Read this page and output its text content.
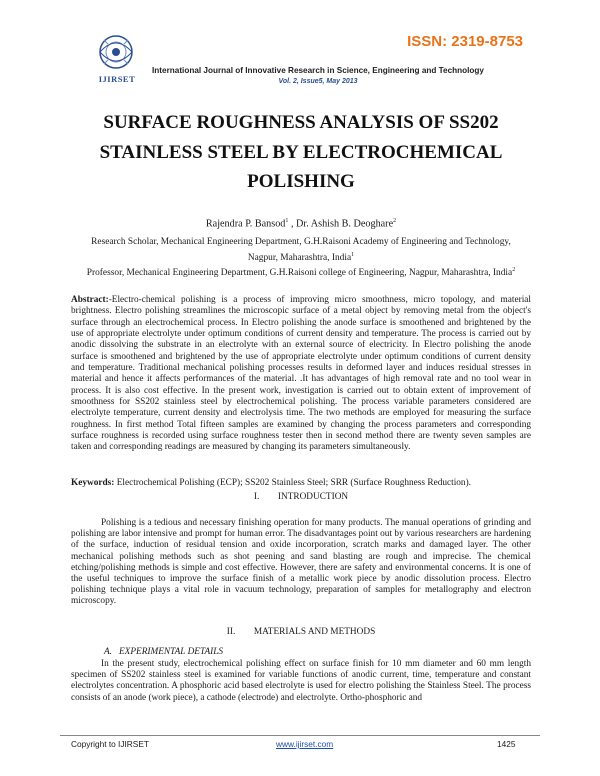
IJIRSET
ISSN: 2319-8753
International Journal of Innovative Research in Science, Engineering and Technology
Vol. 2, Issue5, May 2013
SURFACE ROUGHNESS ANALYSIS OF SS202 STAINLESS STEEL BY ELECTROCHEMICAL POLISHING
Rajendra P. Bansod$^1$ , Dr. Ashish B. Deoghare$^2$
Research Scholar, Mechanical Engineering Department, G.H.Raisoni Academy of Engineering and Technology,
Nagpur, Maharashtra, India$^1$
Professor, Mechanical Engineering Department, G.H.Raisoni college of Engineering, Nagpur, Maharashtra, India$^2$
Abstract:-Electro-chemical polishing is a process of improving micro smoothness, micro topology, and material brightness. Electro polishing streamlines the microscopic surface of a metal object by removing metal from the object's surface through an electrochemical process. In Electro polishing the anode surface is smoothened and brightened by the use of appropriate electrolyte under optimum conditions of current density and temperature. The process is carried out by anodic dissolving the substrate in an electrolyte with an external source of electricity. In Electro polishing the anode surface is smoothened and brightened by the use of appropriate electrolyte under optimum conditions of current density and temperature. Traditional mechanical polishing processes results in deformed layer and induces residual stresses in material and hence it affects performances of the material. .It has advantages of high removal rate and no tool wear in process. It is also cost effective. In the present work, investigation is carried out to obtain extent of improvement of smoothness for SS202 stainless steel by electrochemical polishing. The process variable parameters considered are electrolyte temperature, current density and electrolysis time. The two methods are employed for measuring the surface roughness. In first method Total fifteen samples are examined by changing the process parameters and corresponding surface roughness is recorded using surface roughness tester then in second method there are twenty seven samples are taken and corresponding readings are measured by changing its parameters simultaneously.
Keywords: Electrochemical Polishing (ECP); SS202 Stainless Steel; SRR (Surface Roughness Reduction).
I.        INTRODUCTION
Polishing is a tedious and necessary finishing operation for many products. The manual operations of grinding and polishing are labor intensive and prompt for human error. The disadvantages point out by various researchers are hardening of the surface, induction of residual tension and oxide incorporation, scratch marks and damaged layer. The other mechanical polishing methods such as shot peening and sand blasting are rough and imprecise. The chemical etching/polishing methods is simple and cost effective. However, there are safety and environmental concerns. It is one of the useful techniques to improve the surface finish of a metallic work piece by anodic dissolution process. Electro polishing technique plays a vital role in vacuum technology, preparation of samples for metallography and electron microscopy.
II.        MATERIALS AND METHODS
A.   EXPERIMENTAL DETAILS
In the present study, electrochemical polishing effect on surface finish for 10 mm diameter and 60 mm length specimen of SS202 stainless steel is examined for variable functions of anodic current, time, temperature and constant electrolytes concentration. A phosphoric acid based electrolyte is used for electro polishing the Stainless Steel. The process consists of an anode (work piece), a cathode (electrode) and electrolyte. Ortho-phosphoric and
Copyright to IJIRSET	www.ijirset.com	1425
